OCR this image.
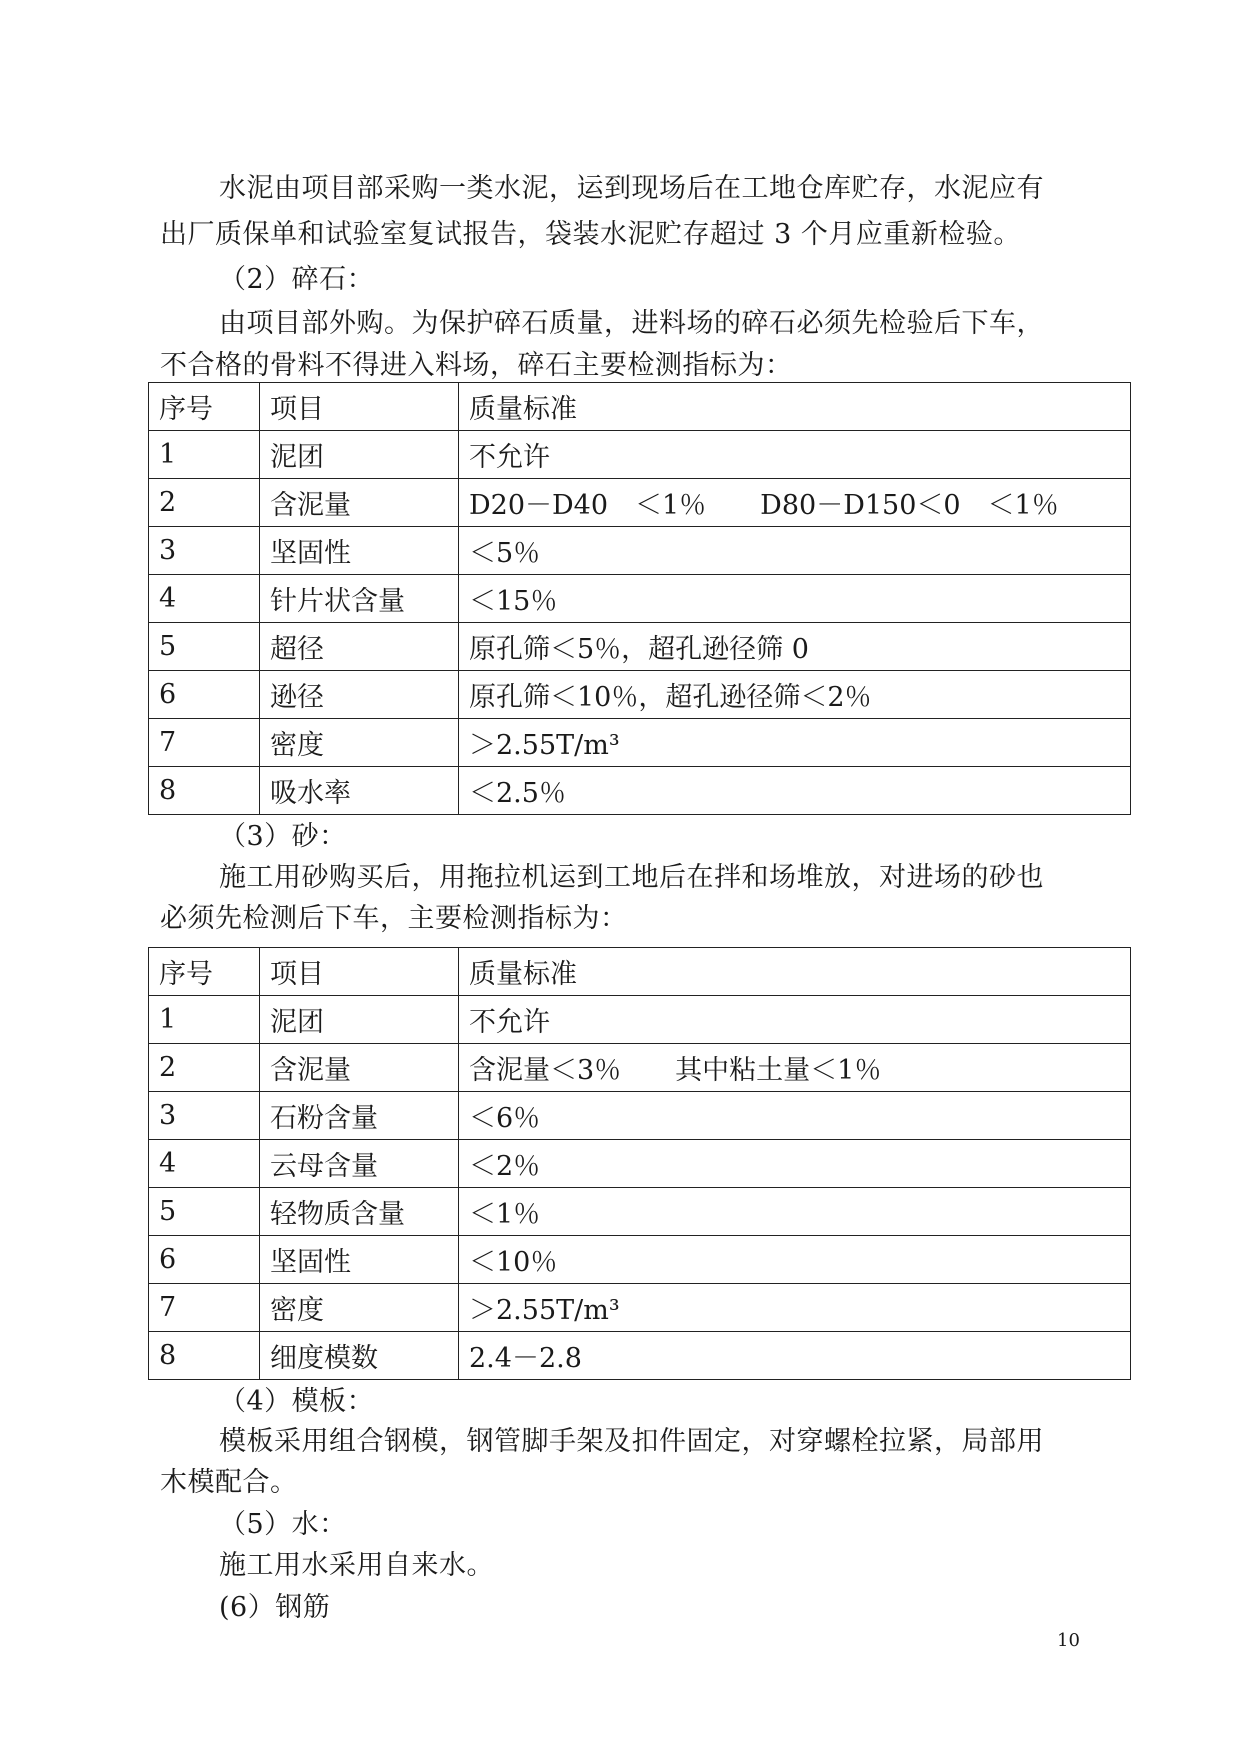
水泥由项目部采购一类水泥，运到现场后在工地仓库贮存，水泥应有
出厂质保单和试验室复试报告，袋装水泥贮存超过 3 个月应重新检验。
（2）碎石：
由项目部外购。为保护碎石质量，进料场的碎石必须先检验后下车，
不合格的骨料不得进入料场，碎石主要检测指标为：
序号	项目	质量标准
1	泥团	不允许
2	含泥量	D20－D40　＜1％　　D80－D150＜0　＜1％
3	坚固性	＜5％
4	针片状含量	＜15％
5	超径	原孔筛＜5％，超孔逊径筛 0
6	逊径	原孔筛＜10％，超孔逊径筛＜2％
7	密度	＞2.55T/m³
8	吸水率	＜2.5％
（3）砂：
施工用砂购买后，用拖拉机运到工地后在拌和场堆放，对进场的砂也
必须先检测后下车，主要检测指标为：
序号	项目	质量标准
1	泥团	不允许
2	含泥量	含泥量＜3％　　其中粘土量＜1％
3	石粉含量	＜6％
4	云母含量	＜2％
5	轻物质含量	＜1％
6	坚固性	＜10％
7	密度	＞2.55T/m³
8	细度模数	2.4－2.8
（4）模板：
模板采用组合钢模，钢管脚手架及扣件固定，对穿螺栓拉紧，局部用
木模配合。
（5）水：
施工用水采用自来水。
(6）钢筋
10
